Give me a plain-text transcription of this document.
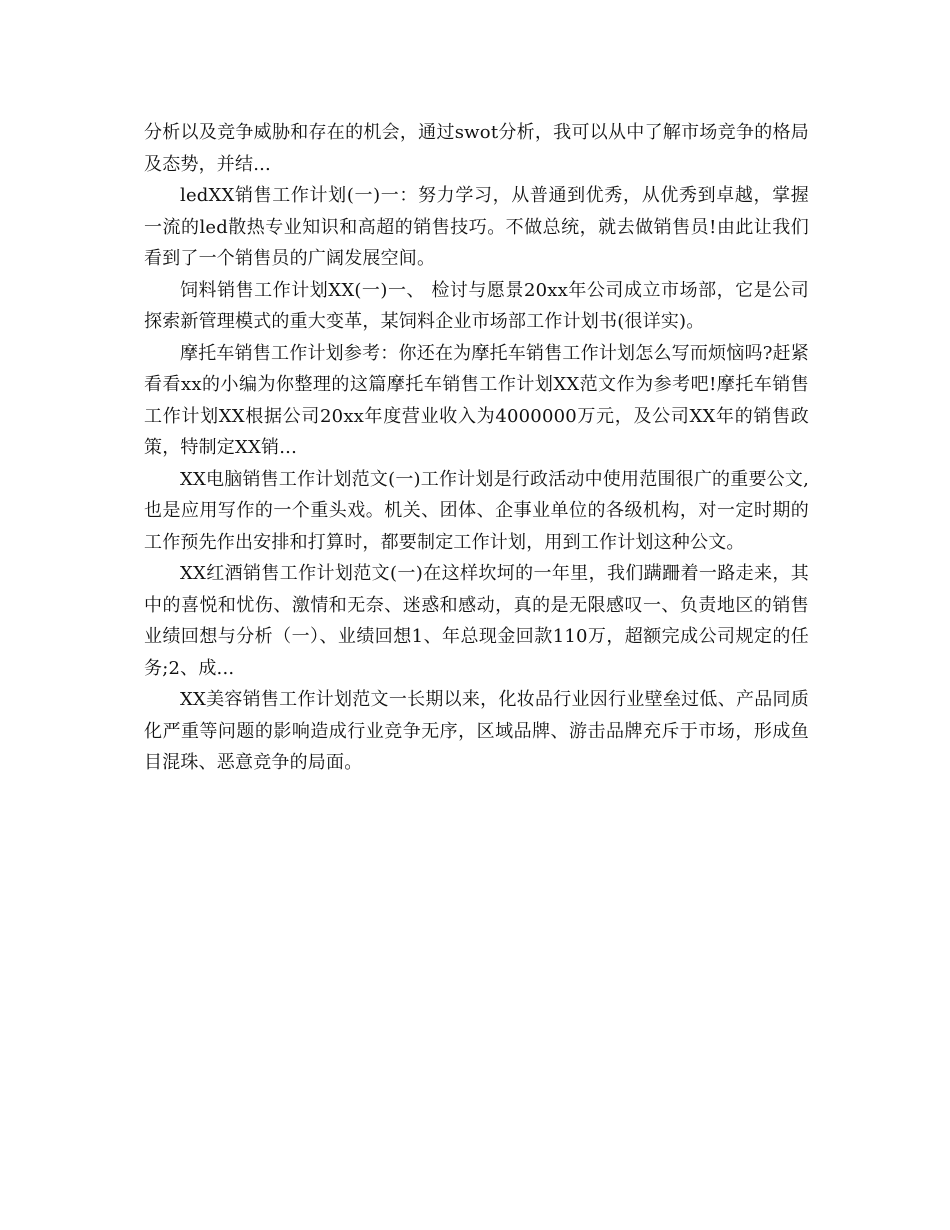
分析以及竞争威胁和存在的机会，通过swot分析，我可以从中了解市场竞争的格局及态势，并结...

ledXX销售工作计划(一)一：努力学习，从普通到优秀，从优秀到卓越，掌握一流的led散热专业知识和高超的销售技巧。不做总统，就去做销售员!由此让我们看到了一个销售员的广阔发展空间。

饲料销售工作计划XX(一)一、 检讨与愿景20xx年公司成立市场部，它是公司探索新管理模式的重大变革，某饲料企业市场部工作计划书(很详实)。

摩托车销售工作计划参考：你还在为摩托车销售工作计划怎么写而烦恼吗?赶紧看看xx的小编为你整理的这篇摩托车销售工作计划XX范文作为参考吧!摩托车销售工作计划XX根据公司20xx年度营业收入为4000000万元，及公司XX年的销售政策，特制定XX销...

XX电脑销售工作计划范文(一)工作计划是行政活动中使用范围很广的重要公文,也是应用写作的一个重头戏。机关、团体、企事业单位的各级机构，对一定时期的工作预先作出安排和打算时，都要制定工作计划，用到工作计划这种公文。

XX红酒销售工作计划范文(一)在这样坎坷的一年里，我们蹒跚着一路走来，其中的喜悦和忧伤、激情和无奈、迷惑和感动，真的是无限感叹一、负责地区的销售业绩回想与分析（一）、业绩回想1、年总现金回款110万，超额完成公司规定的任务;2、成...

XX美容销售工作计划范文一长期以来，化妆品行业因行业壁垒过低、产品同质化严重等问题的影响造成行业竞争无序，区域品牌、游击品牌充斥于市场，形成鱼目混珠、恶意竞争的局面。
